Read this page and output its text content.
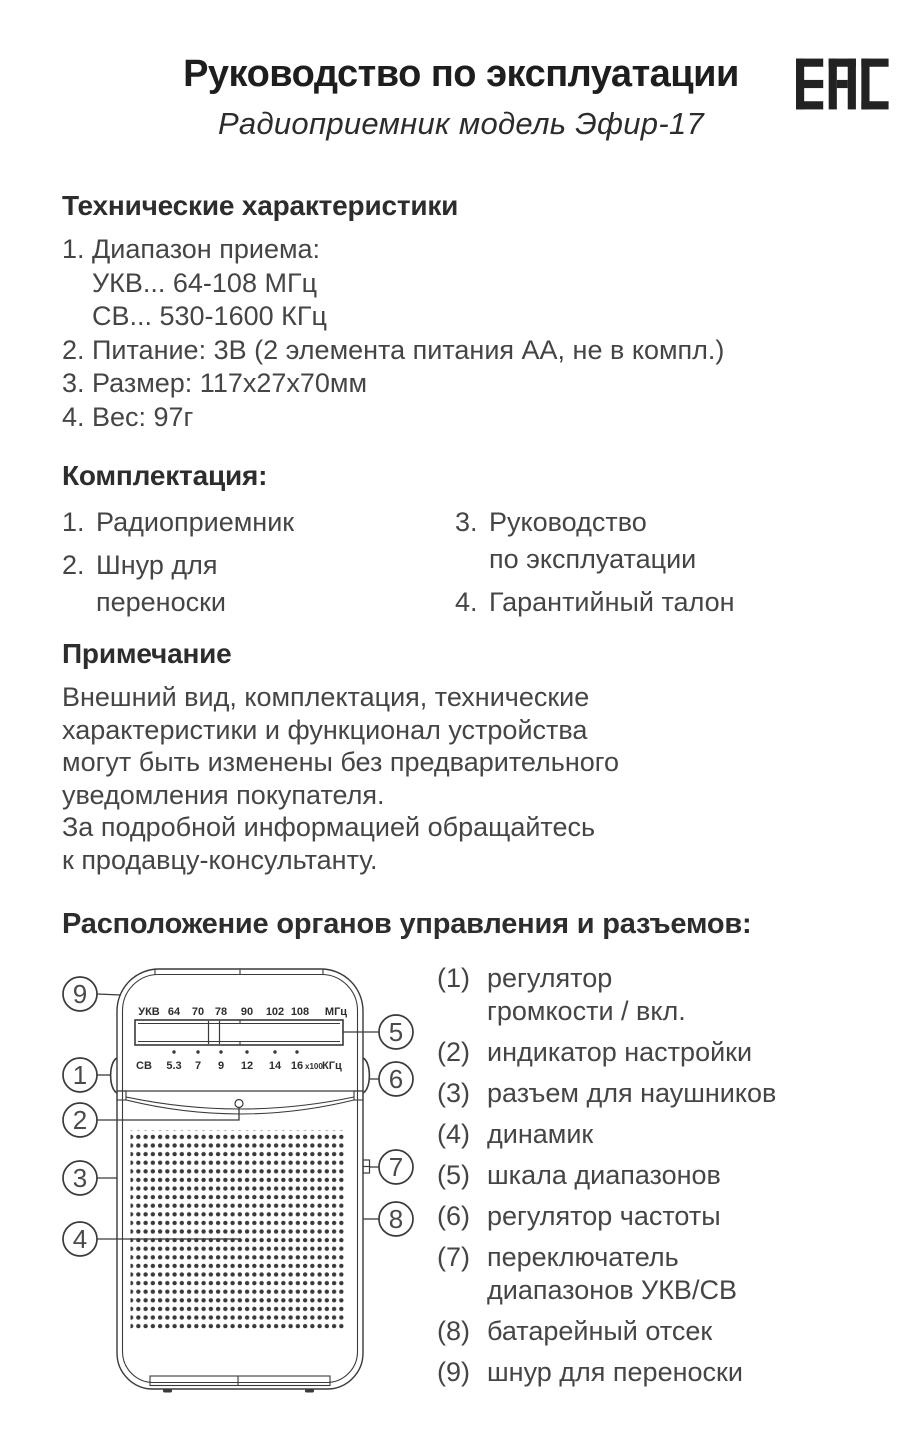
Руководство по эксплуатации
Радиоприемник модель Эфир-17
Технические характеристики
1. Диапазон приема:
УКВ... 64-108 МГц
СВ... 530-1600 КГц
2. Питание: 3В (2 элемента питания АА, не в компл.)
3. Размер: 117х27х70мм
4. Вес: 97г
Комплектация:
1. Радиоприемник
2. Шнур для
переноски
3. Руководство
по эксплуатации
4. Гарантийный талон
Примечание
Внешний вид, комплектация, технические
характеристики и функционал устройства
могут быть изменены без предварительного
уведомления покупателя.
За подробной информацией обращайтесь
к продавцу-консультанту.
Расположение органов управления и разъемов:
УКВ 64 70 78 90 102 108 МГц
СВ 5.3 7 9 12 14 16 х100 КГц
9
1
2
3
4
5
6
7
8
(1) регулятор
громкости / вкл.
(2) индикатор настройки
(3) разъем для наушников
(4) динамик
(5) шкала диапазонов
(6) регулятор частоты
(7) переключатель
диапазонов УКВ/СВ
(8) батарейный отсек
(9) шнур для переноски
